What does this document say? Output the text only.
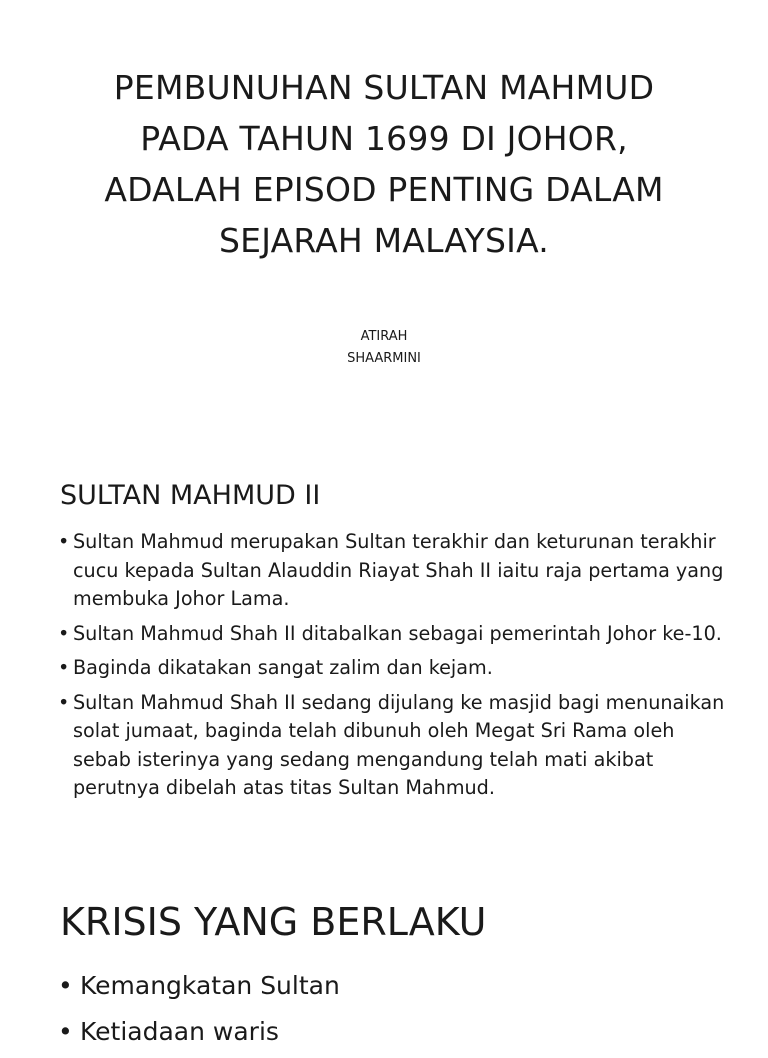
PEMBUNUHAN SULTAN MAHMUD
PADA TAHUN 1699 DI JOHOR,
ADALAH EPISOD PENTING DALAM
SEJARAH MALAYSIA.
ATIRAH
SHAARMINI
SULTAN MAHMUD II
• Sultan Mahmud merupakan Sultan terakhir dan keturunan terakhir cucu kepada Sultan Alauddin Riayat Shah II iaitu raja pertama yang membuka Johor Lama.
• Sultan Mahmud Shah II ditabalkan sebagai pemerintah Johor ke-10.
• Baginda dikatakan sangat zalim dan kejam.
• Sultan Mahmud Shah II sedang dijulang ke masjid bagi menunaikan solat jumaat, baginda telah dibunuh oleh Megat Sri Rama oleh sebab isterinya yang sedang mengandung telah mati akibat perutnya dibelah atas titas Sultan Mahmud.
KRISIS YANG BERLAKU
• Kemangkatan Sultan
• Ketiadaan waris
